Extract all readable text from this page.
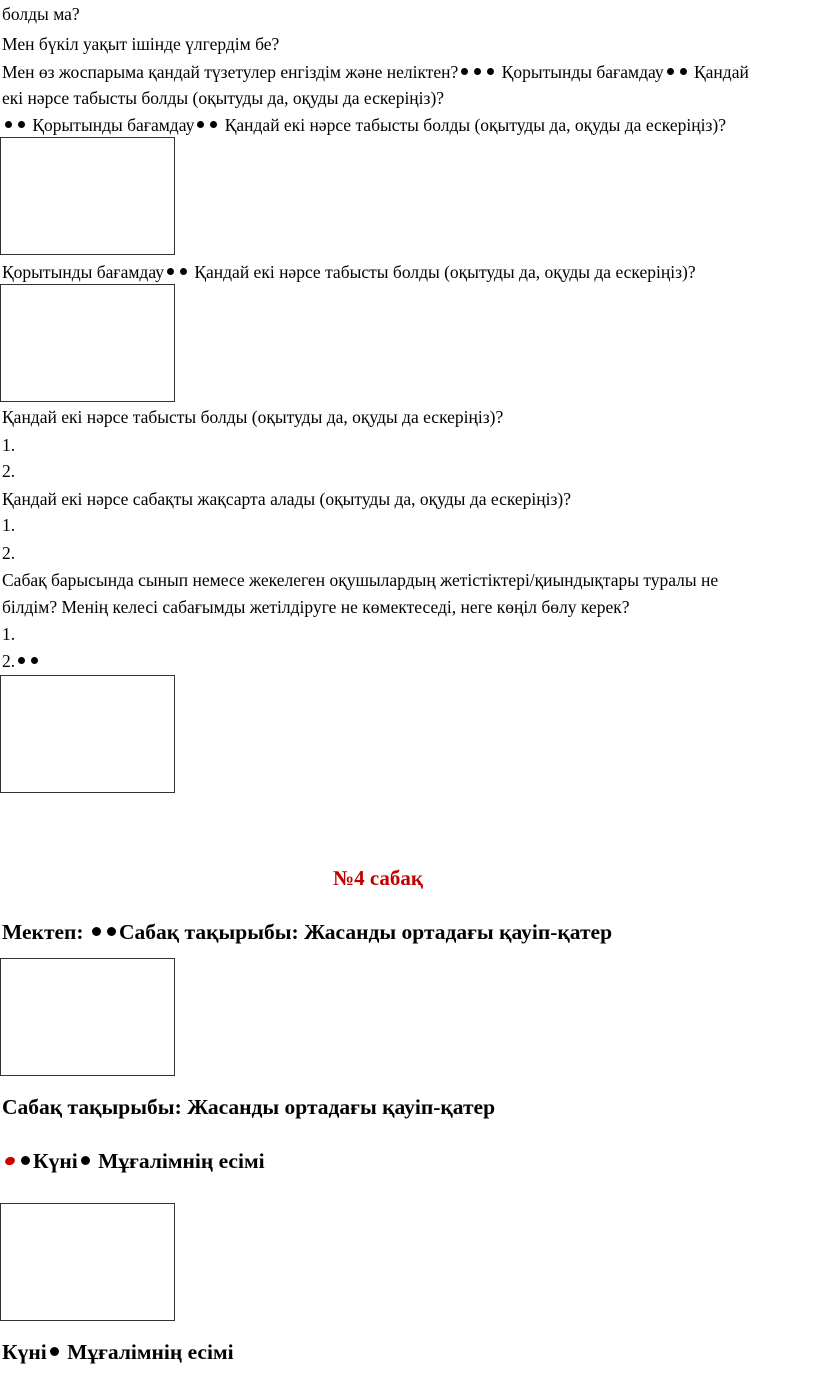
болды ма?
Мен бүкіл уақыт ішінде үлгердім бе?
Мен өз жоспарыма қандай түзетулер енгіздім және неліктен? Қорытынды бағамдау Қандай
екі нәрсе табысты болды (оқытуды да, оқуды да ескеріңіз)?
Қорытынды бағамдау Қандай екі нәрсе табысты болды (оқытуды да, оқуды да ескеріңіз)?
Қорытынды бағамдау Қандай екі нәрсе табысты болды (оқытуды да, оқуды да ескеріңіз)?
Қандай екі нәрсе табысты болды (оқытуды да, оқуды да ескеріңіз)?
1.
2.
Қандай екі нәрсе сабақты жақсарта алады (оқытуды да, оқуды да ескеріңіз)?
1.
2.
Сабақ барысында сынып немесе жекелеген оқушылардың жетістіктері/қиындықтары туралы не
білдім? Менің келесі сабағымды жетілдіруге не көмектеседі, неге көңіл бөлу керек?
1.
2.
№4 сабақ
Мектеп: Сабақ тақырыбы: Жасанды ортадағы қауіп-қатер
Сабақ тақырыбы: Жасанды ортадағы қауіп-қатер
Күні Мұғалімнің есімі
Күні Мұғалімнің есімі
